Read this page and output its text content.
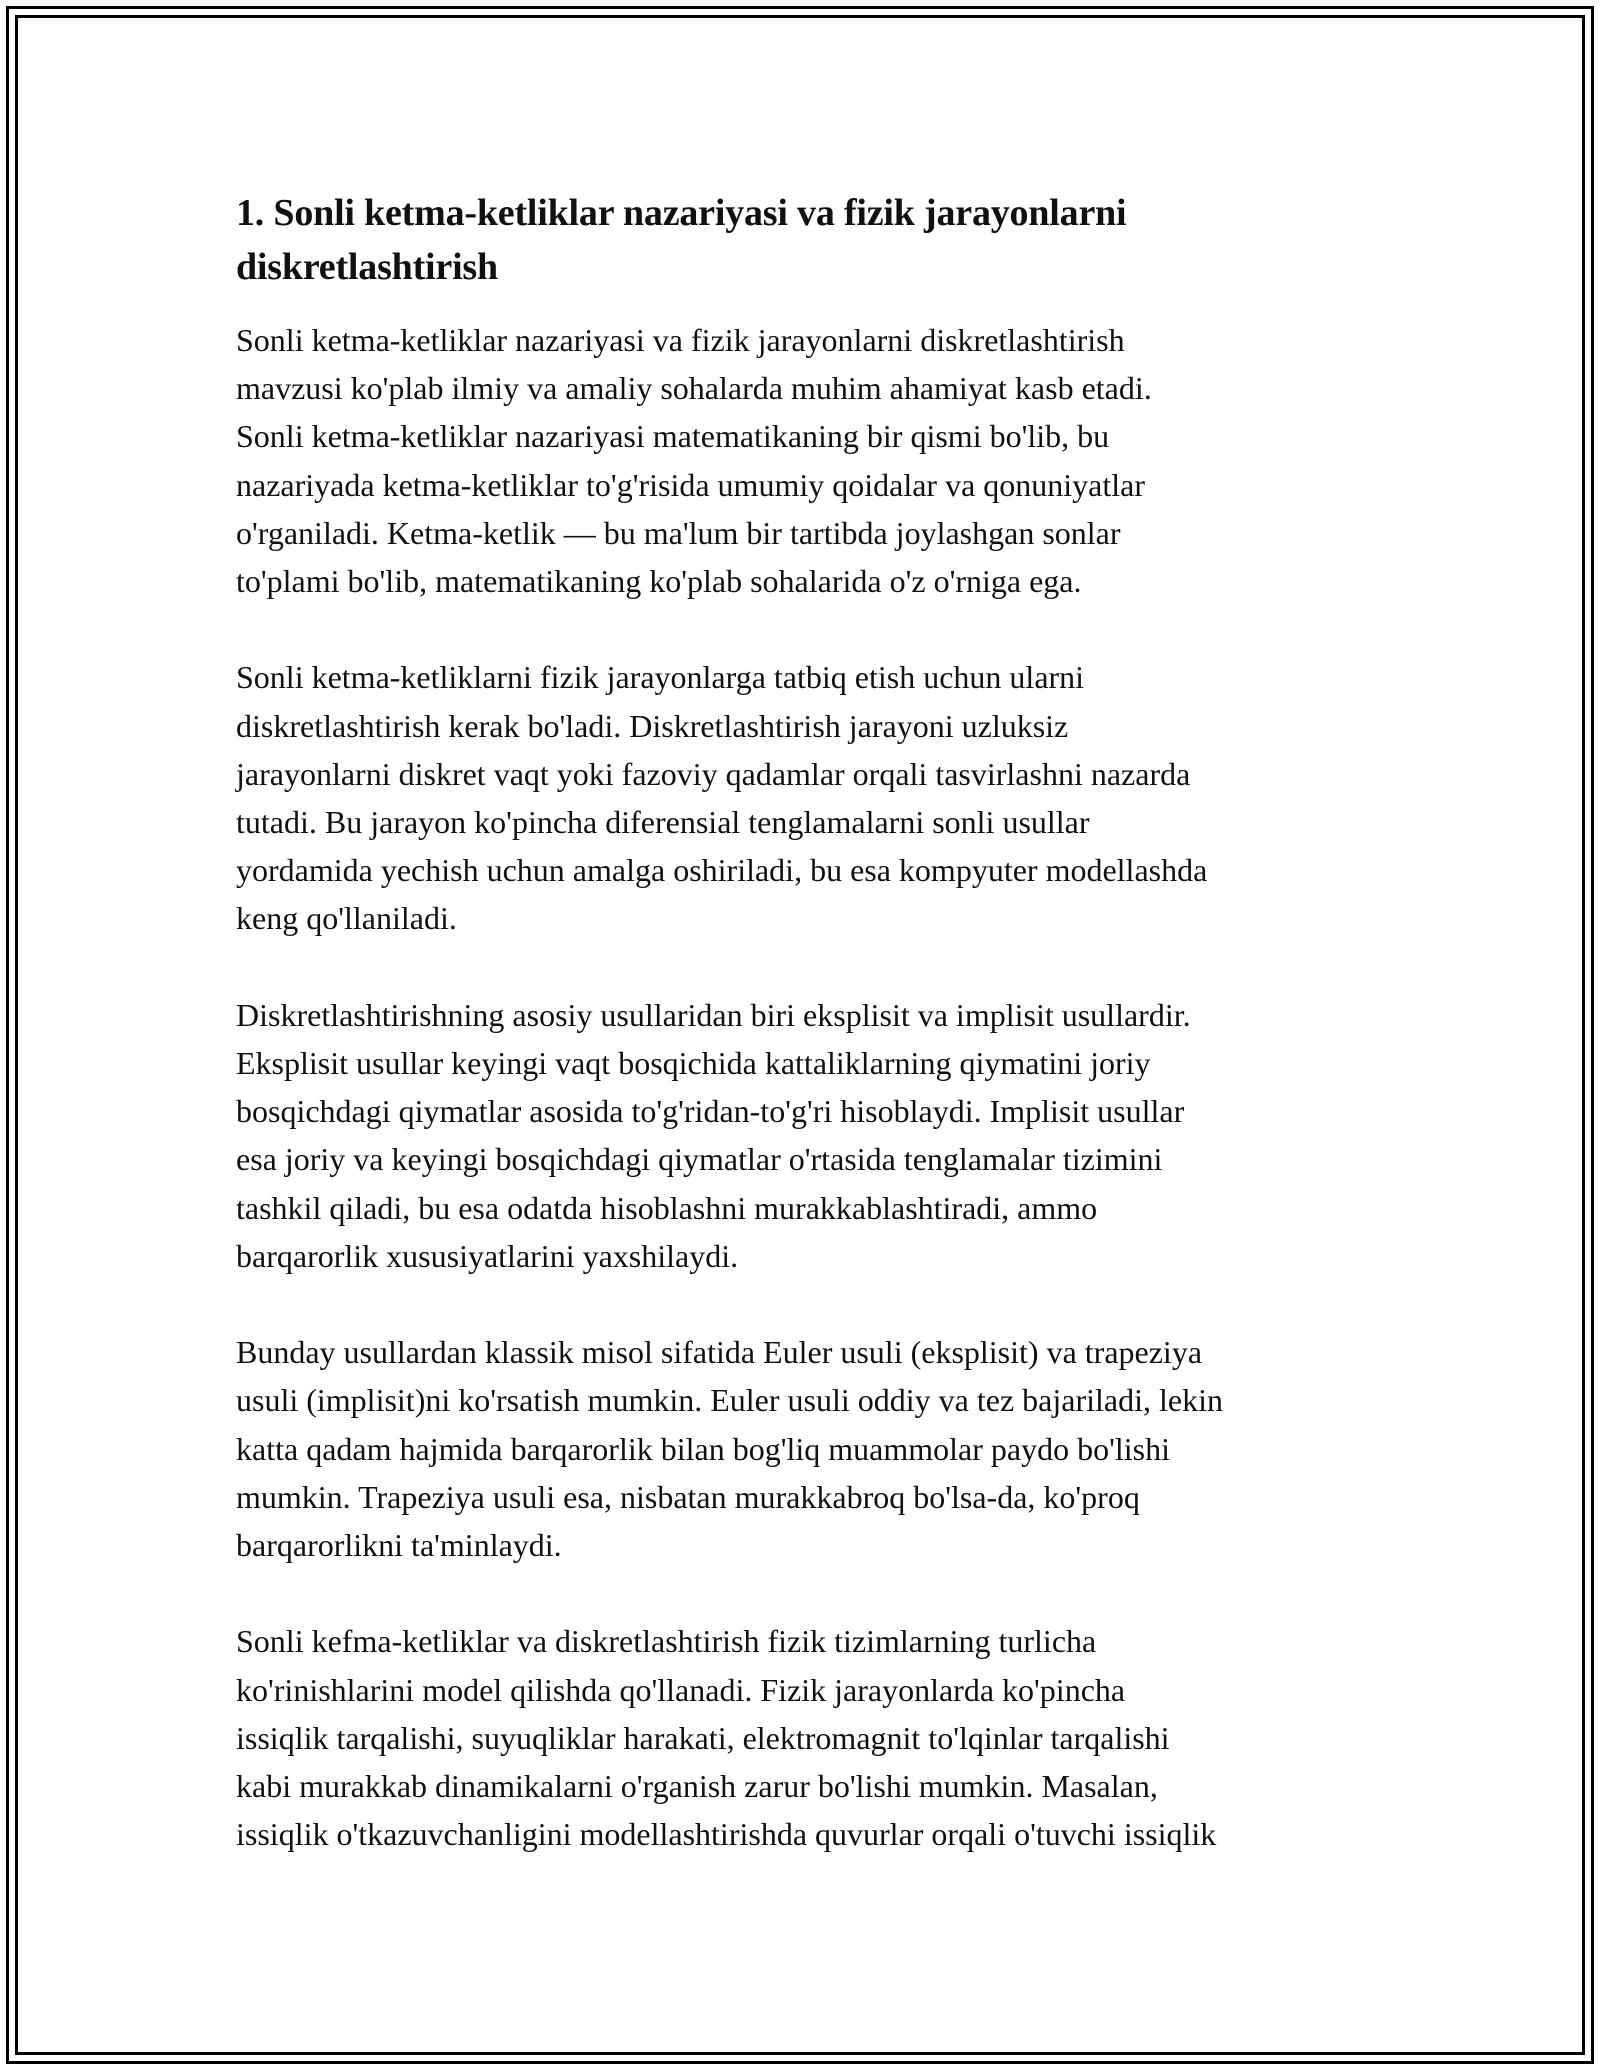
1. Sonli ketma-ketliklar nazariyasi va fizik jarayonlarni
diskretlashtirish

Sonli ketma-ketliklar nazariyasi va fizik jarayonlarni diskretlashtirish
mavzusi ko'plab ilmiy va amaliy sohalarda muhim ahamiyat kasb etadi.
Sonli ketma-ketliklar nazariyasi matematikaning bir qismi bo'lib, bu
nazariyada ketma-ketliklar to'g'risida umumiy qoidalar va qonuniyatlar
o'rganiladi. Ketma-ketlik — bu ma'lum bir tartibda joylashgan sonlar
to'plami bo'lib, matematikaning ko'plab sohalarida o'z o'rniga ega.

Sonli ketma-ketliklarni fizik jarayonlarga tatbiq etish uchun ularni
diskretlashtirish kerak bo'ladi. Diskretlashtirish jarayoni uzluksiz
jarayonlarni diskret vaqt yoki fazoviy qadamlar orqali tasvirlashni nazarda
tutadi. Bu jarayon ko'pincha diferensial tenglamalarni sonli usullar
yordamida yechish uchun amalga oshiriladi, bu esa kompyuter modellashda
keng qo'llaniladi.

Diskretlashtirishning asosiy usullaridan biri eksplisit va implisit usullardir.
Eksplisit usullar keyingi vaqt bosqichida kattaliklarning qiymatini joriy
bosqichdagi qiymatlar asosida to'g'ridan-to'g'ri hisoblaydi. Implisit usullar
esa joriy va keyingi bosqichdagi qiymatlar o'rtasida tenglamalar tizimini
tashkil qiladi, bu esa odatda hisoblashni murakkablashtiradi, ammo
barqarorlik xususiyatlarini yaxshilaydi.

Bunday usullardan klassik misol sifatida Euler usuli (eksplisit) va trapeziya
usuli (implisit)ni ko'rsatish mumkin. Euler usuli oddiy va tez bajariladi, lekin
katta qadam hajmida barqarorlik bilan bog'liq muammolar paydo bo'lishi
mumkin. Trapeziya usuli esa, nisbatan murakkabroq bo'lsa-da, ko'proq
barqarorlikni ta'minlaydi.

Sonli kefma-ketliklar va diskretlashtirish fizik tizimlarning turlicha
ko'rinishlarini model qilishda qo'llanadi. Fizik jarayonlarda ko'pincha
issiqlik tarqalishi, suyuqliklar harakati, elektromagnit to'lqinlar tarqalishi
kabi murakkab dinamikalarni o'rganish zarur bo'lishi mumkin. Masalan,
issiqlik o'tkazuvchanligini modellashtirishda quvurlar orqali o'tuvchi issiqlik
